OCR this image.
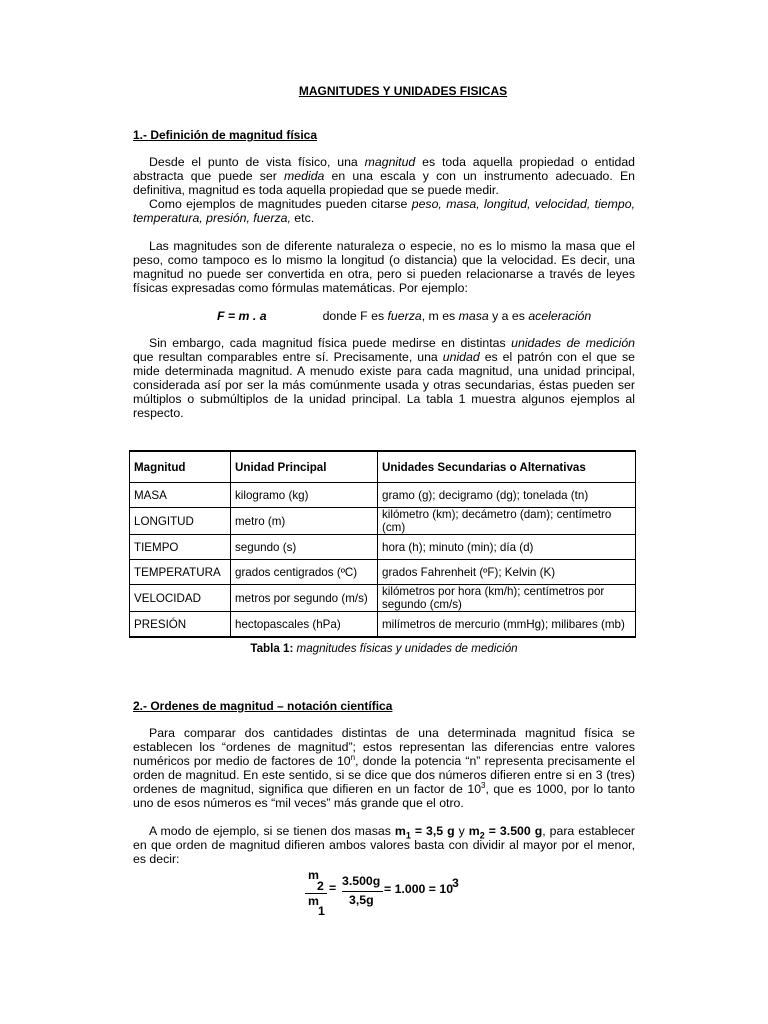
MAGNITUDES Y UNIDADES FISICAS
1.- Definición de magnitud física

Desde el punto de vista físico, una magnitud es toda aquella propiedad o entidad abstracta que puede ser medida en una escala y con un instrumento adecuado. En definitiva, magnitud es toda aquella propiedad que se puede medir.

Como ejemplos de magnitudes pueden citarse peso, masa, longitud, velocidad, tiempo, temperatura, presión, fuerza, etc.

Las magnitudes son de diferente naturaleza o especie, no es lo mismo la masa que el peso, como tampoco es lo mismo la longitud (o distancia) que la velocidad. Es decir, una magnitud no puede ser convertida en otra, pero si pueden relacionarse a través de leyes físicas expresadas como fórmulas matemáticas. Por ejemplo:

F = m . a	donde F es fuerza, m es masa y a es aceleración

Sin embargo, cada magnitud física puede medirse en distintas unidades de medición que resultan comparables entre sí. Precisamente, una unidad es el patrón con el que se mide determinada magnitud. A menudo existe para cada magnitud, una unidad principal, considerada así por ser la más comúnmente usada y otras secundarias, éstas pueden ser múltiplos o submúltiplos de la unidad principal. La tabla 1 muestra algunos ejemplos al respecto.

Magnitud	Unidad Principal	Unidades Secundarias o Alternativas
MASA	kilogramo (kg)	gramo (g); decigramo (dg); tonelada (tn)
LONGITUD	metro (m)	kilómetro (km); decámetro (dam); centímetro (cm)
TIEMPO	segundo (s)	hora (h); minuto (min); día (d)
TEMPERATURA	grados centigrados (ºC)	grados Fahrenheit (ºF); Kelvin (K)
VELOCIDAD	metros por segundo (m/s)	kilómetros por hora (km/h); centímetros por segundo (cm/s)
PRESIÓN	hectopascales (hPa)	milímetros de mercurio (mmHg); milibares (mb)
Tabla 1: magnitudes físicas y unidades de medición
2.- Ordenes de magnitud – notación científica

Para comparar dos cantidades distintas de una determinada magnitud física se establecen los “ordenes de magnitud”; estos representan las diferencias entre valores numéricos por medio de factores de 10$^n$, donde la potencia “n” representa precisamente el orden de magnitud. En este sentido, si se dice que dos números difieren entre si en 3 (tres) ordenes de magnitud, significa que difieren en un factor de $10^3$, que es 1000, por lo tanto uno de esos números es “mil veces” más grande que el otro.

A modo de ejemplo, si se tienen dos masas $m_1 = 3,5$ g y $m_2 = 3.500$ g, para establecer en que orden de magnitud difieren ambos valores basta con dividir al mayor por el menor, es decir:

m
2 =
m
1
3.500g
3,5g
= 1.000 = 10
3
